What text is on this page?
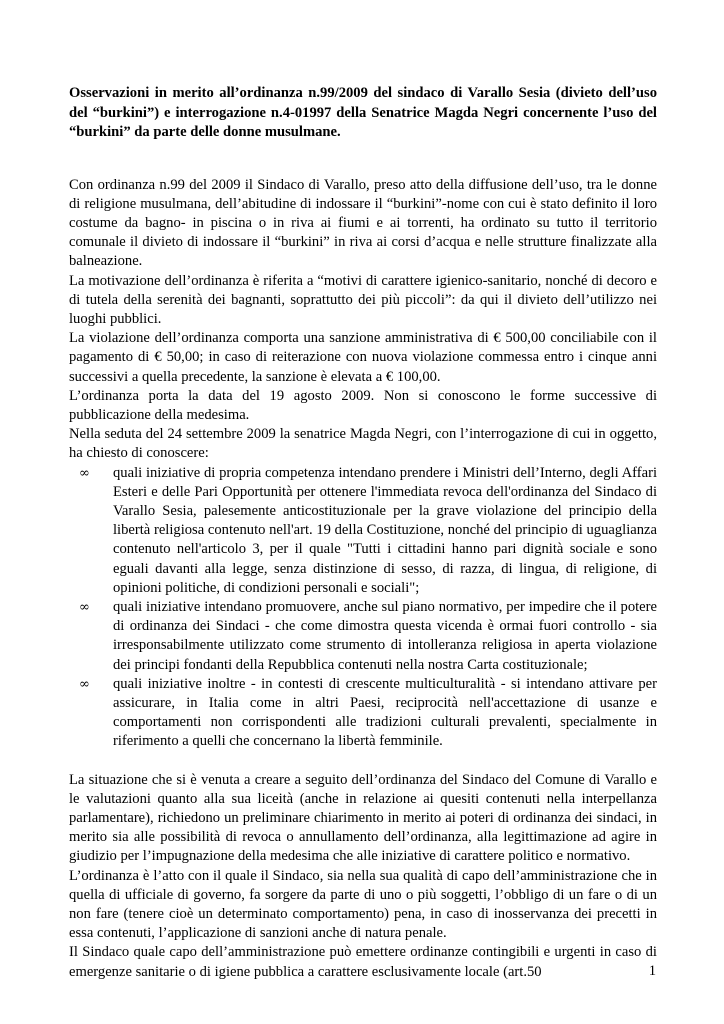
Osservazioni in merito all’ordinanza n.99/2009 del sindaco di Varallo Sesia (divieto dell’uso del “burkini”) e interrogazione n.4-01997 della Senatrice Magda Negri concernente l’uso del “burkini” da parte delle donne musulmane.

Con ordinanza n.99 del 2009 il Sindaco di Varallo, preso atto della diffusione dell’uso, tra le donne di religione musulmana, dell’abitudine di indossare il “burkini”-nome con cui è stato definito il loro costume da bagno- in piscina o in riva ai fiumi e ai torrenti, ha ordinato su tutto il territorio comunale il divieto di indossare il “burkini” in riva ai corsi d’acqua e nelle strutture finalizzate alla balneazione.

La motivazione dell’ordinanza è riferita a “motivi di carattere igienico-sanitario, nonché di decoro e di tutela della serenità dei bagnanti, soprattutto dei più piccoli”: da qui il divieto dell’utilizzo nei luoghi pubblici.

La violazione dell’ordinanza comporta una sanzione amministrativa di € 500,00 conciliabile con il pagamento di € 50,00; in caso di reiterazione con nuova violazione commessa entro i cinque anni successivi a quella precedente, la sanzione è elevata a € 100,00.

L’ordinanza porta la data del 19 agosto 2009. Non si conoscono le forme successive di pubblicazione della medesima.

Nella seduta del 24 settembre 2009 la senatrice Magda Negri, con l’interrogazione di cui in oggetto, ha chiesto di conoscere:

∞	quali iniziative di propria competenza intendano prendere i Ministri dell’Interno, degli Affari Esteri e delle Pari Opportunità per ottenere l'immediata revoca dell'ordinanza del Sindaco di Varallo Sesia, palesemente anticostituzionale per la grave violazione del principio della libertà religiosa contenuto nell'art. 19 della Costituzione, nonché del principio di uguaglianza contenuto nell'articolo 3, per il quale "Tutti i cittadini hanno pari dignità sociale e sono eguali davanti alla legge, senza distinzione di sesso, di razza, di lingua, di religione, di opinioni politiche, di condizioni personali e sociali";
∞	quali iniziative intendano promuovere, anche sul piano normativo, per impedire che il potere di ordinanza dei Sindaci - che come dimostra questa vicenda è ormai fuori controllo - sia irresponsabilmente utilizzato come strumento di intolleranza religiosa in aperta violazione dei principi fondanti della Repubblica contenuti nella nostra Carta costituzionale;
∞	quali iniziative inoltre - in contesti di crescente multiculturalità - si intendano attivare per assicurare, in Italia come in altri Paesi, reciprocità nell'accettazione di usanze e comportamenti non corrispondenti alle tradizioni culturali prevalenti, specialmente in riferimento a quelli che concernano la libertà femminile.

La situazione che si è venuta a creare a seguito dell’ordinanza del Sindaco del Comune di Varallo e le valutazioni quanto alla sua liceità (anche in relazione ai quesiti contenuti nella interpellanza parlamentare), richiedono un preliminare chiarimento in merito ai poteri di ordinanza dei sindaci, in merito sia alle possibilità di revoca o annullamento dell’ordinanza, alla legittimazione ad agire in giudizio per l’impugnazione della medesima che alle iniziative di carattere politico e normativo.

L’ordinanza è l’atto con il quale il Sindaco, sia nella sua qualità di capo dell’amministrazione che in quella di ufficiale di governo, fa sorgere da parte di uno o più soggetti, l’obbligo di un fare o di un non fare (tenere cioè un determinato comportamento) pena, in caso di inosservanza dei precetti in essa contenuti, l’applicazione di sanzioni anche di natura penale.

Il Sindaco quale capo dell’amministrazione può emettere ordinanze contingibili e urgenti in caso di emergenze sanitarie o di igiene pubblica a carattere esclusivamente locale (art.50	1
